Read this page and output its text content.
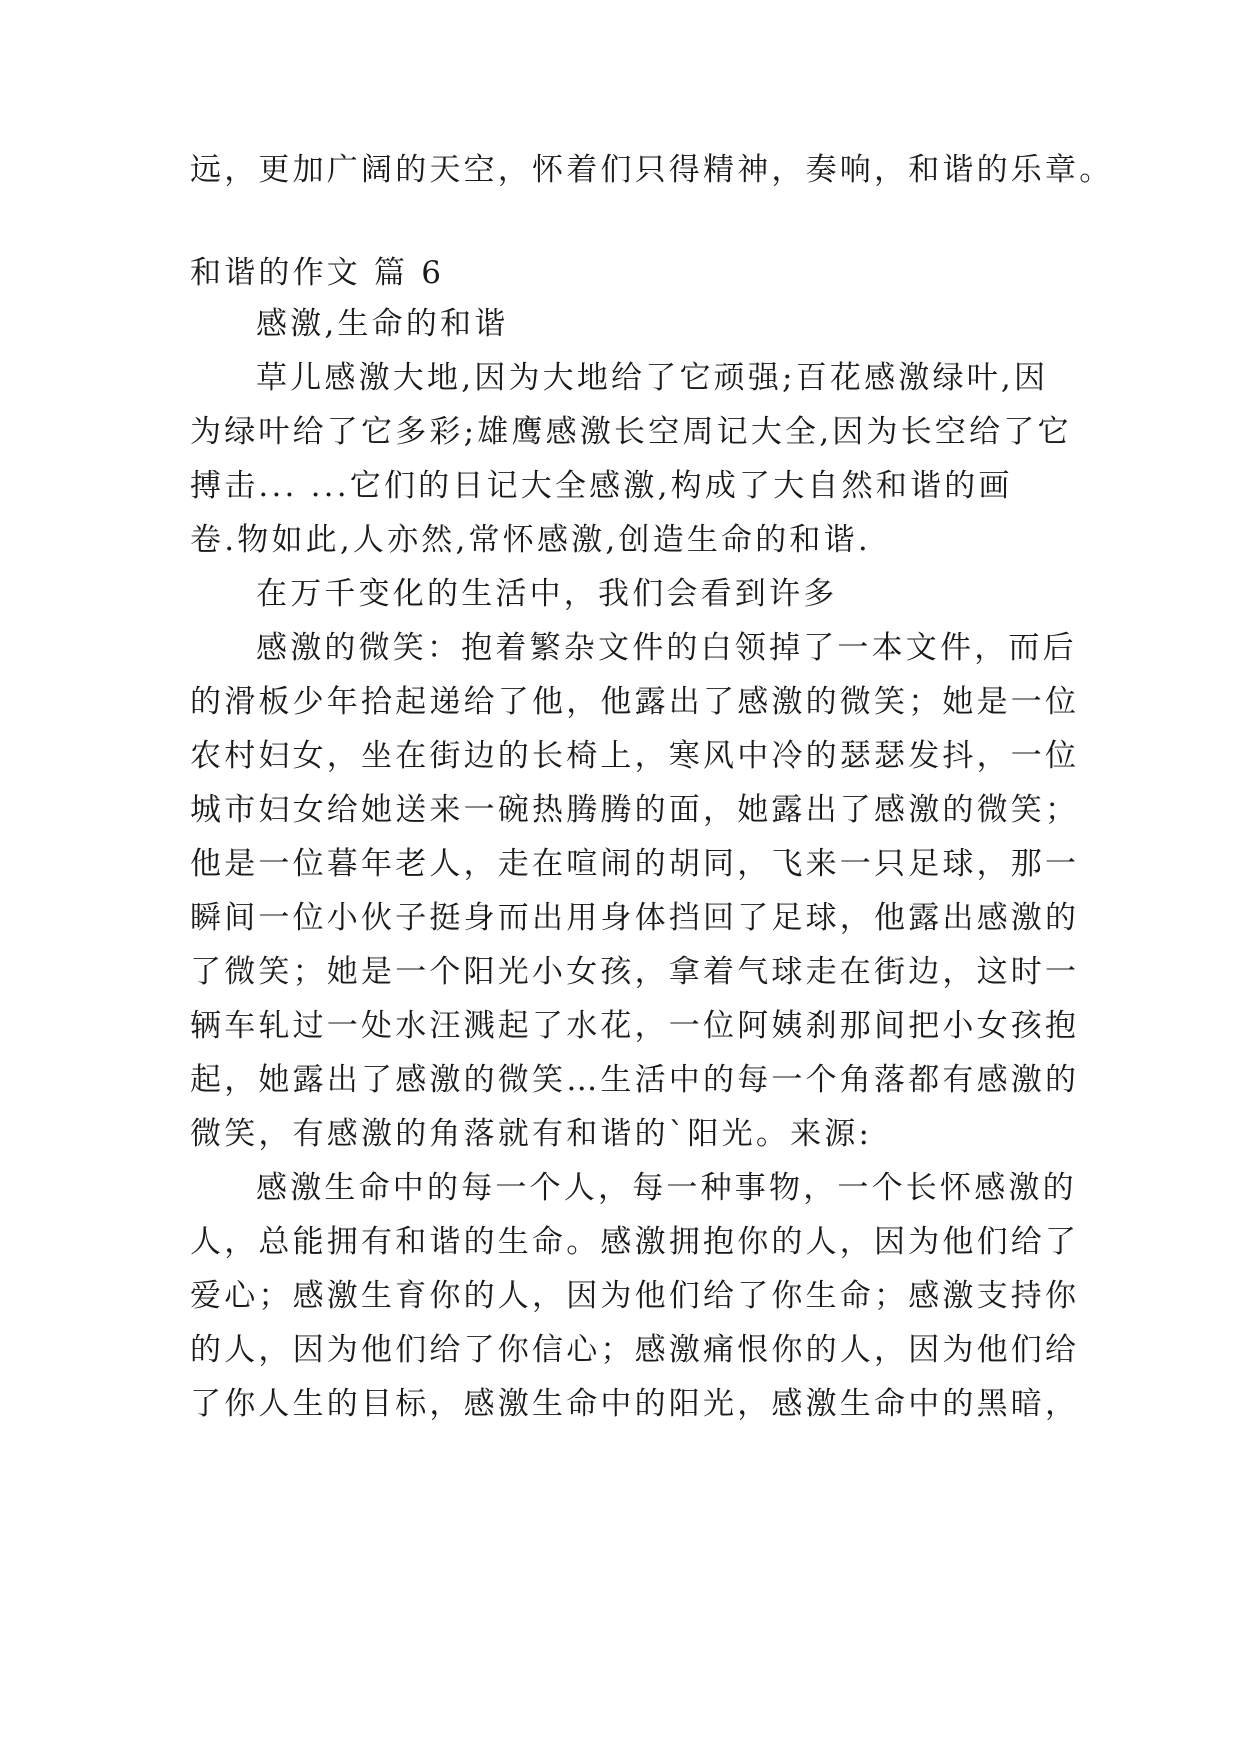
远，更加广阔的天空，怀着们只得精神，奏响，和谐的乐章。
和谐的作文 篇 6
感激,生命的和谐
草儿感激大地,因为大地给了它顽强;百花感激绿叶,因
为绿叶给了它多彩;雄鹰感激长空周记大全,因为长空给了它
搏击... ...它们的日记大全感激,构成了大自然和谐的画
卷.物如此,人亦然,常怀感激,创造生命的和谐.
在万千变化的生活中，我们会看到许多
感激的微笑：抱着繁杂文件的白领掉了一本文件，而后
的滑板少年拾起递给了他，他露出了感激的微笑；她是一位
农村妇女，坐在街边的长椅上，寒风中冷的瑟瑟发抖，一位
城市妇女给她送来一碗热腾腾的面，她露出了感激的微笑；
他是一位暮年老人，走在喧闹的胡同，飞来一只足球，那一
瞬间一位小伙子挺身而出用身体挡回了足球，他露出感激的
了微笑；她是一个阳光小女孩，拿着气球走在街边，这时一
辆车轧过一处水汪溅起了水花，一位阿姨刹那间把小女孩抱
起，她露出了感激的微笑…生活中的每一个角落都有感激的
微笑，有感激的角落就有和谐的`阳光。来源:
感激生命中的每一个人，每一种事物，一个长怀感激的
人，总能拥有和谐的生命。感激拥抱你的人，因为他们给了
爱心；感激生育你的人，因为他们给了你生命；感激支持你
的人，因为他们给了你信心；感激痛恨你的人，因为他们给
了你人生的目标，感激生命中的阳光，感激生命中的黑暗，
